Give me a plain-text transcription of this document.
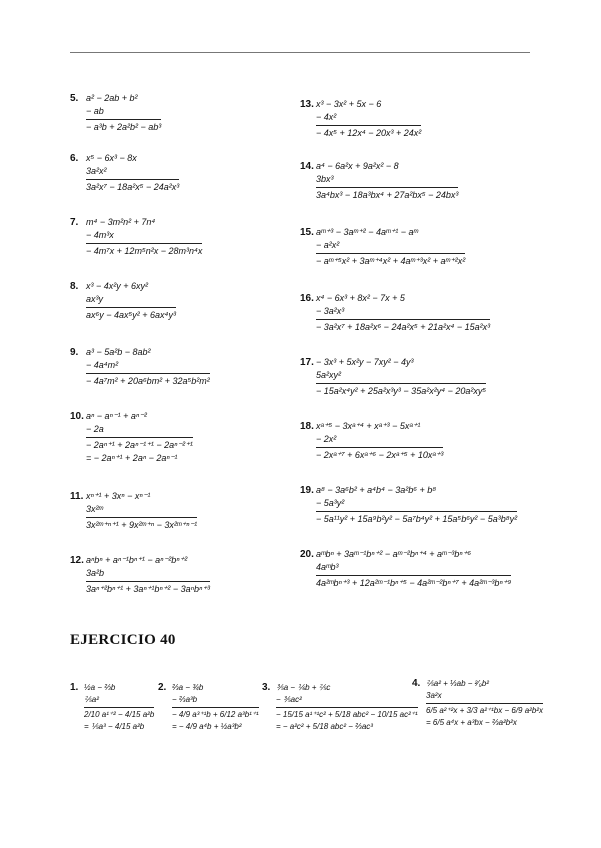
5. a² − 2ab + b²
− ab
− a³b + 2a²b² − ab³
6. x⁵ − 6x³ − 8x
3a²x²
3a²x⁷ − 18a²x⁵ − 24a²x³
7. m⁴ − 3m²n² + 7n⁴
− 4m³x
− 4m⁷x + 12m⁵n²x − 28m³n⁴x
8. x³ − 4x²y + 6xy²
ax³y
ax⁶y − 4ax⁵y² + 6ax⁴y³
9. a³ − 5a²b − 8ab²
− 4a⁴m²
− 4a⁷m² + 20a⁶bm² + 32a⁵b²m²
10. aⁿ − aⁿ⁻¹ + aⁿ⁻²
− 2a
− 2aⁿ⁺¹ + 2aⁿ⁻¹⁺¹ − 2aⁿ⁻²⁺¹
= − 2aⁿ⁺¹ + 2aⁿ − 2aⁿ⁻¹
11. xⁿ⁺¹ + 3xⁿ − xⁿ⁻¹
3x²ᵐ
3x²ᵐ⁺ⁿ⁺¹ + 9x²ᵐ⁺ⁿ − 3x²ᵐ⁺ⁿ⁻¹
12. aⁿbⁿ + aⁿ⁻¹bⁿ⁺¹ − aⁿ⁻²bⁿ⁺²
3a²b
3aⁿ⁺²bⁿ⁺¹ + 3aⁿ⁺¹bⁿ⁺² − 3aⁿbⁿ⁺³
13. x³ − 3x² + 5x − 6
− 4x²
− 4x⁵ + 12x⁴ − 20x³ + 24x²
14. a⁴ − 6a²x + 9a²x² − 8
3bx³
3a⁴bx³ − 18a³bx⁴ + 27a²bx⁵ − 24bx³
15. aᵐ⁺³ − 3aᵐ⁺² − 4aᵐ⁺¹ − aᵐ
− a²x²
− aᵐ⁺⁵x² + 3aᵐ⁺⁴x² + 4aᵐ⁺³x² + aᵐ⁺²x²
16. x⁴ − 6x³ + 8x² − 7x + 5
− 3a²x³
− 3a²x⁷ + 18a²x⁶ − 24a²x⁵ + 21a²x⁴ − 15a²x³
17. − 3x³ + 5x²y − 7xy² − 4y³
5a²xy²
− 15a²x⁴y² + 25a²x³y³ − 35a²x²y⁴ − 20a²xy⁵
18. xᵃ⁺⁵ − 3xᵃ⁺⁴ + xᵃ⁺³ − 5xᵃ⁺¹
− 2x²
− 2xᵃ⁺⁷ + 6xᵃ⁺⁶ − 2xᵃ⁺⁵ + 10xᵃ⁺³
19. a⁸ − 3a⁶b² + a⁴b⁴ − 3a²b⁶ + b⁸
− 5a³y²
− 5a¹¹y² + 15a⁹b²y² − 5a⁷b⁴y² + 15a⁵b⁶y² − 5a³b⁸y²
20. aᵐbⁿ + 3aᵐ⁻¹bⁿ⁺² − aᵐ⁻²bⁿ⁺⁴ + aᵐ⁻³bⁿ⁺⁶
4aᵐb³
4a²ᵐbⁿ⁺³ + 12a²ᵐ⁻¹bⁿ⁺⁵ − 4a²ᵐ⁻²bⁿ⁺⁷ + 4a²ᵐ⁻³bⁿ⁺⁹
EJERCICIO 40
1. ½a − ⅔b
⅖a²
2/10 a¹⁺² − 4/15 a²b
= ⅕a³ − 4/15 a²b
2. ⅔a − ¾b
− ⅔a³b
− 4/9 a³⁺¹b + 6/12 a³b¹⁺¹
= − 4/9 a⁴b + ½a³b²
3. ⅗a − ⅙b + ⅖c
− ⅗ac²
− 15/15 a¹⁺¹c² + 5/18 abc² − 10/15 ac²⁺¹
= − a²c² + 5/18 abc² − ⅔ac³
4. ⅖a² + ⅓ab − ²⁄₉b²
3a²x
6/5 a²⁺²x + 3/3 a²⁺¹bx − 6/9 a²b²x
= 6/5 a⁴x + a³bx − ⅔a²b²x
